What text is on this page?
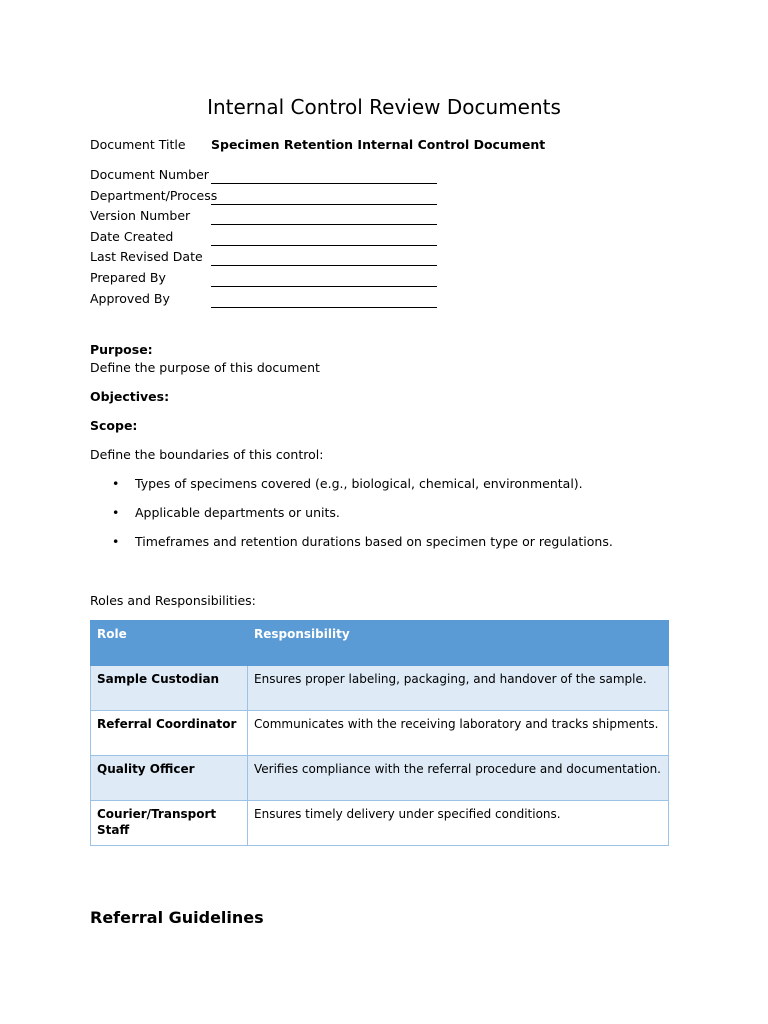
Internal Control Review Documents
Document Title Specimen Retention Internal Control Document
Document Number
Department/Process
Version Number
Date Created
Last Revised Date
Prepared By
Approved By
Purpose:
Define the purpose of this document
Objectives:
Scope:
Define the boundaries of this control:
• Types of specimens covered (e.g., biological, chemical, environmental).
• Applicable departments or units.
• Timeframes and retention durations based on specimen type or regulations.
Roles and Responsibilities:
Role	Responsibility
Sample Custodian	Ensures proper labeling, packaging, and handover of the sample.
Referral Coordinator	Communicates with the receiving laboratory and tracks shipments.
Quality Officer	Verifies compliance with the referral procedure and documentation.
Courier/Transport Staff	Ensures timely delivery under specified conditions.
Referral Guidelines
